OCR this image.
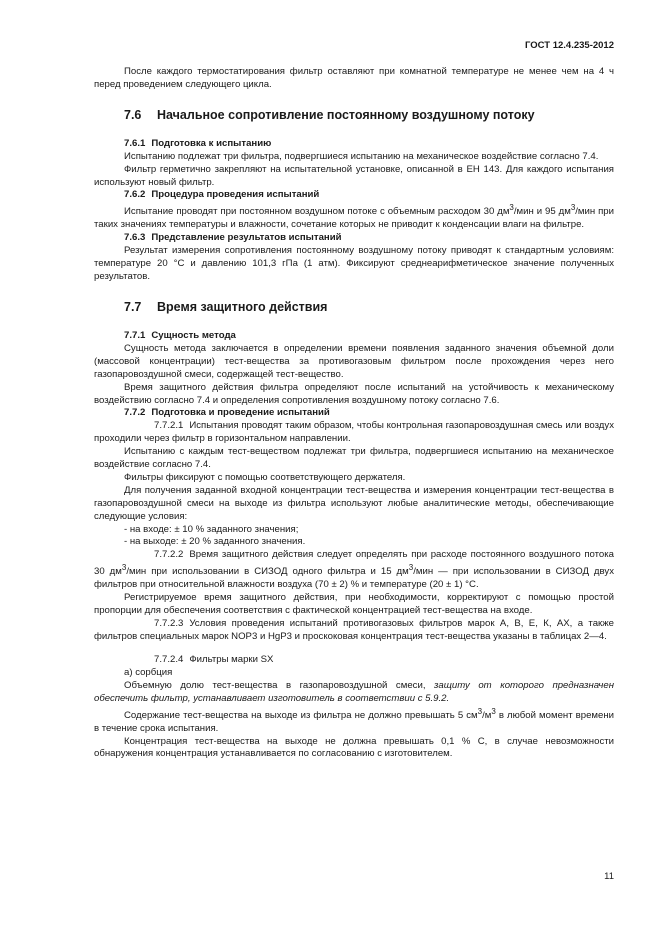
ГОСТ 12.4.235-2012

После каждого термостатирования фильтр оставляют при комнатной температуре не менее чем на 4 ч перед проведением следующего цикла.

7.6 Начальное сопротивление постоянному воздушному потоку
7.6.1 Подготовка к испытанию

Испытанию подлежат три фильтра, подвергшиеся испытанию на механическое воздействие согласно 7.4.

Фильтр герметично закрепляют на испытательной установке, описанной в ЕН 143. Для каждого испытания используют новый фильтр.

7.6.2 Процедура проведения испытаний

Испытание проводят при постоянном воздушном потоке с объемным расходом 30 $дм^3$/мин и 95 $дм^3$/мин при таких значениях температуры и влажности, сочетание которых не приводит к конденсации влаги на фильтре.

7.6.3 Представление результатов испытаний

Результат измерения сопротивления постоянному воздушному потоку приводят к стандартным условиям: температуре 20 °С и давлению 101,3 гПа (1 атм). Фиксируют среднеарифметическое значение полученных результатов.

7.7 Время защитного действия
7.7.1 Сущность метода

Сущность метода заключается в определении времени появления заданного значения объемной доли (массовой концентрации) тест-вещества за противогазовым фильтром после прохождения через него газопаровоздушной смеси, содержащей тест-вещество.

Время защитного действия фильтра определяют после испытаний на устойчивость к механическому воздействию согласно 7.4 и определения сопротивления воздушному потоку согласно 7.6.

7.7.2 Подготовка и проведение испытаний

7.7.2.1 Испытания проводят таким образом, чтобы контрольная газопаровоздушная смесь или воздух проходили через фильтр в горизонтальном направлении.

Испытанию с каждым тест-веществом подлежат три фильтра, подвергшиеся испытанию на механическое воздействие согласно 7.4.

Фильтры фиксируют с помощью соответствующего держателя.

Для получения заданной входной концентрации тест-вещества и измерения концентрации тест-вещества в газопаровоздушной смеси на выходе из фильтра используют любые аналитические методы, обеспечивающие следующие условия:

- на входе: ± 10 % заданного значения;

- на выходе: ± 20 % заданного значения.

7.7.2.2 Время защитного действия следует определять при расходе постоянного воздушного потока 30 $дм^3$/мин при использовании в СИЗОД одного фильтра и 15 $дм^3$/мин — при использовании в СИЗОД двух фильтров при относительной влажности воздуха (70 ± 2) % и температуре (20 ± 1) °С.

Регистрируемое время защитного действия, при необходимости, корректируют с помощью простой пропорции для обеспечения соответствия с фактической концентрацией тест-вещества на входе.

7.7.2.3 Условия проведения испытаний противогазовых фильтров марок А, В, Е, К, АХ, а также фильтров специальных марок NOP3 и HgP3 и проскоковая концентрация тест-вещества указаны в таблицах 2—4.

7.7.2.4 Фильтры марки SX

а) сорбция

Объемную долю тест-вещества в газопаровоздушной смеси, защиту от которого предназначен обеспечить фильтр, устанавливает изготовитель в соответствии с 5.9.2.

Содержание тест-вещества на выходе из фильтра не должно превышать 5 $см^3/м^3$ в любой момент времени в течение срока испытания.

Концентрация тест-вещества на выходе не должна превышать 0,1 % С, в случае невозможности обнаружения концентрация устанавливается по согласованию с изготовителем.

11
